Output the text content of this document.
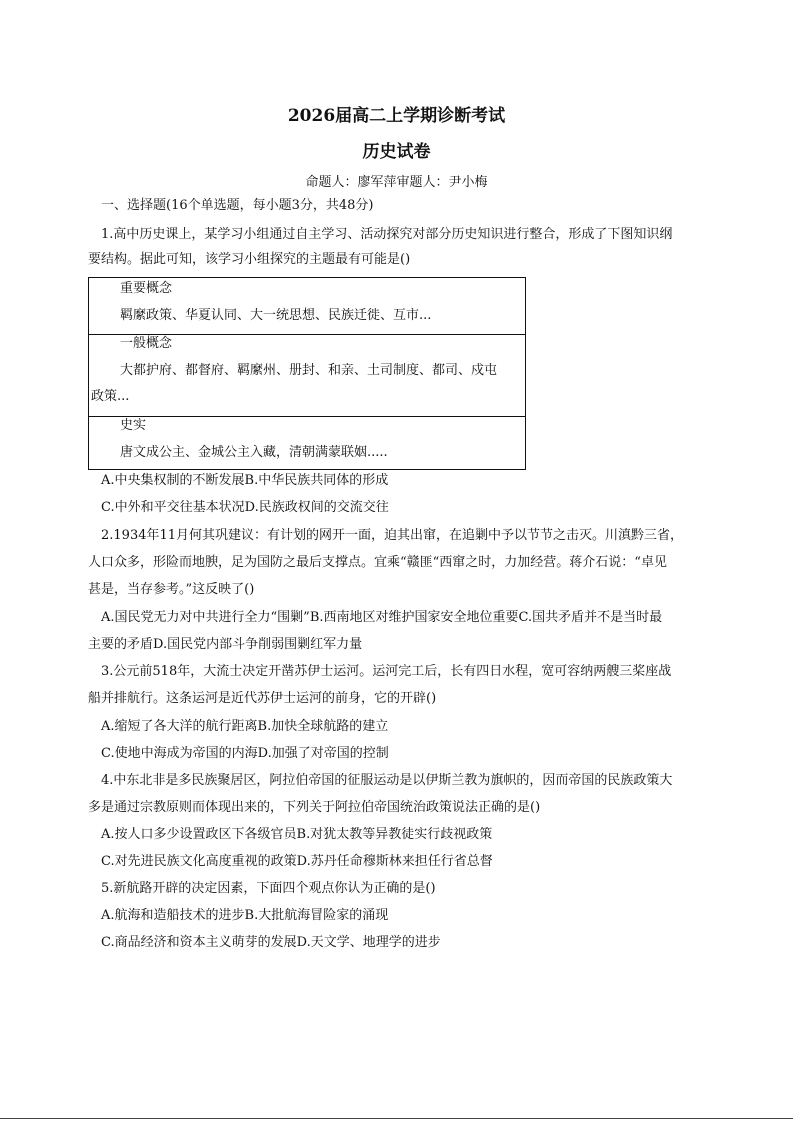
2026届高二上学期诊断考试
历史试卷
命题人：廖军萍审题人：尹小梅
一、选择题(16个单选题，每小题3分，共48分)
1.高中历史课上，某学习小组通过自主学习、活动探究对部分历史知识进行整合，形成了下图知识纲
要结构。据此可知，该学习小组探究的主题最有可能是()
重要概念
羁縻政策、华夏认同、大一统思想、民族迁徙、互市...
一般概念
大都护府、都督府、羁縻州、册封、和亲、土司制度、都司、戍屯
政策...
史实
唐文成公主、金城公主入藏，清朝满蒙联姻.....
A.中央集权制的不断发展B.中华民族共同体的形成
C.中外和平交往基本状况D.民族政权间的交流交往
2.1934年11月何其巩建议：有计划的网开一面，迫其出窜，在追剿中予以节节之击灭。川滇黔三省，
人口众多，形险而地腴，足为国防之最后支撑点。宜乘“赣匪“西窜之时，力加经营。蒋介石说：“卓见
甚是，当存参考。”这反映了()
A.国民党无力对中共进行全力“围剿”B.西南地区对维护国家安全地位重要C.国共矛盾并不是当时最
主要的矛盾D.国民党内部斗争削弱围剿红军力量
3.公元前518年，大流士决定开凿苏伊士运河。运河完工后，长有四日水程，宽可容纳两艘三桨座战
船并排航行。这条运河是近代苏伊士运河的前身，它的开辟()
A.缩短了各大洋的航行距离B.加快全球航路的建立
C.使地中海成为帝国的内海D.加强了对帝国的控制
4.中东北非是多民族聚居区，阿拉伯帝国的征服运动是以伊斯兰教为旗帜的，因而帝国的民族政策大
多是通过宗教原则而体现出来的，下列关于阿拉伯帝国统治政策说法正确的是()
A.按人口多少设置政区下各级官员B.对犹太教等异教徒实行歧视政策
C.对先进民族文化高度重视的政策D.苏丹任命穆斯林来担任行省总督
5.新航路开辟的决定因素，下面四个观点你认为正确的是()
A.航海和造船技术的进步B.大批航海冒险家的涌现
C.商品经济和资本主义萌芽的发展D.天文学、地理学的进步
